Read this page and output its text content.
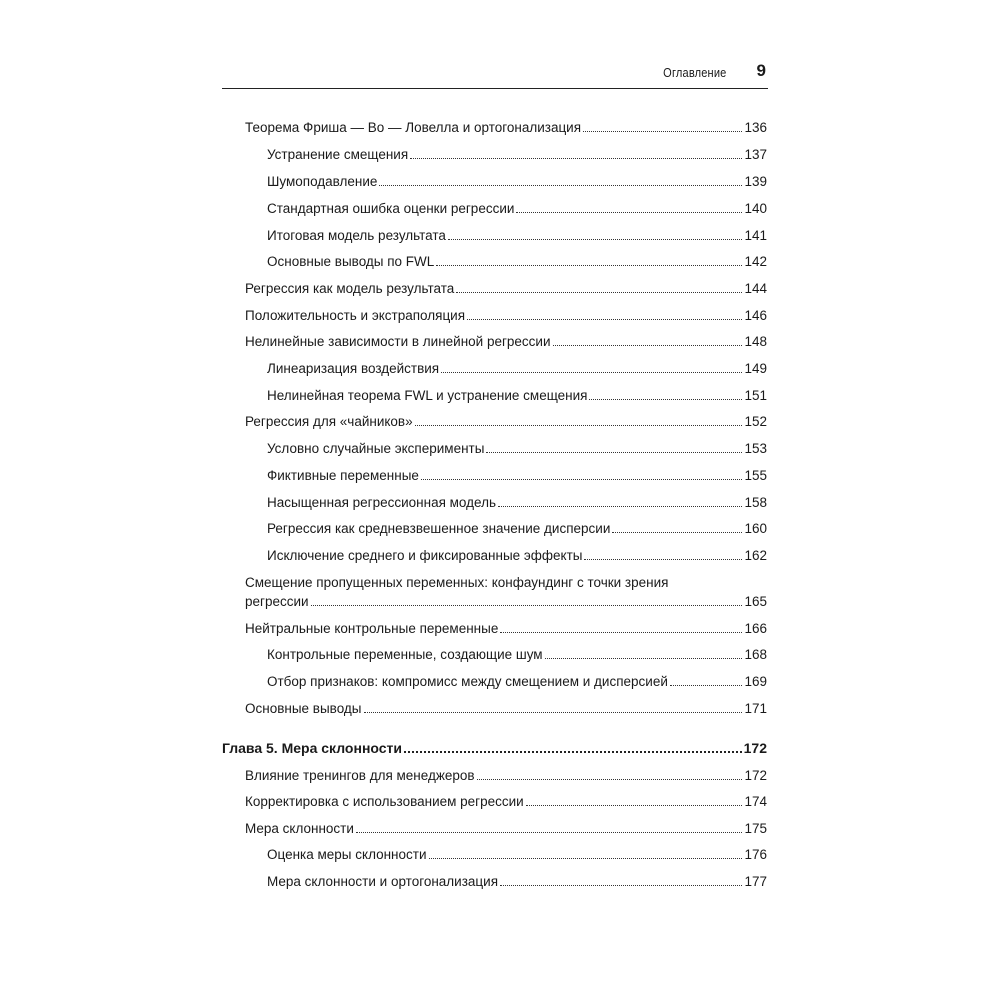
Оглавление 9
Теорема Фриша — Во — Ловелла и ортогонализация	136
Устранение смещения	137
Шумоподавление	139
Стандартная ошибка оценки регрессии	140
Итоговая модель результата	141
Основные выводы по FWL	142
Регрессия как модель результата	144
Положительность и экстраполяция	146
Нелинейные зависимости в линейной регрессии	148
Линеаризация воздействия	149
Нелинейная теорема FWL и устранение смещения	151
Регрессия для «чайников»	152
Условно случайные эксперименты	153
Фиктивные переменные	155
Насыщенная регрессионная модель	158
Регрессия как средневзвешенное значение дисперсии	160
Исключение среднего и фиксированные эффекты	162
Смещение пропущенных переменных: конфаундинг с точки зрения
регрессии	165
Нейтральные контрольные переменные	166
Контрольные переменные, создающие шум	168
Отбор признаков: компромисс между смещением и дисперсией	169
Основные выводы	171
Глава 5. Мера склонности	172
Влияние тренингов для менеджеров	172
Корректировка с использованием регрессии	174
Мера склонности	175
Оценка меры склонности	176
Мера склонности и ортогонализация	177
